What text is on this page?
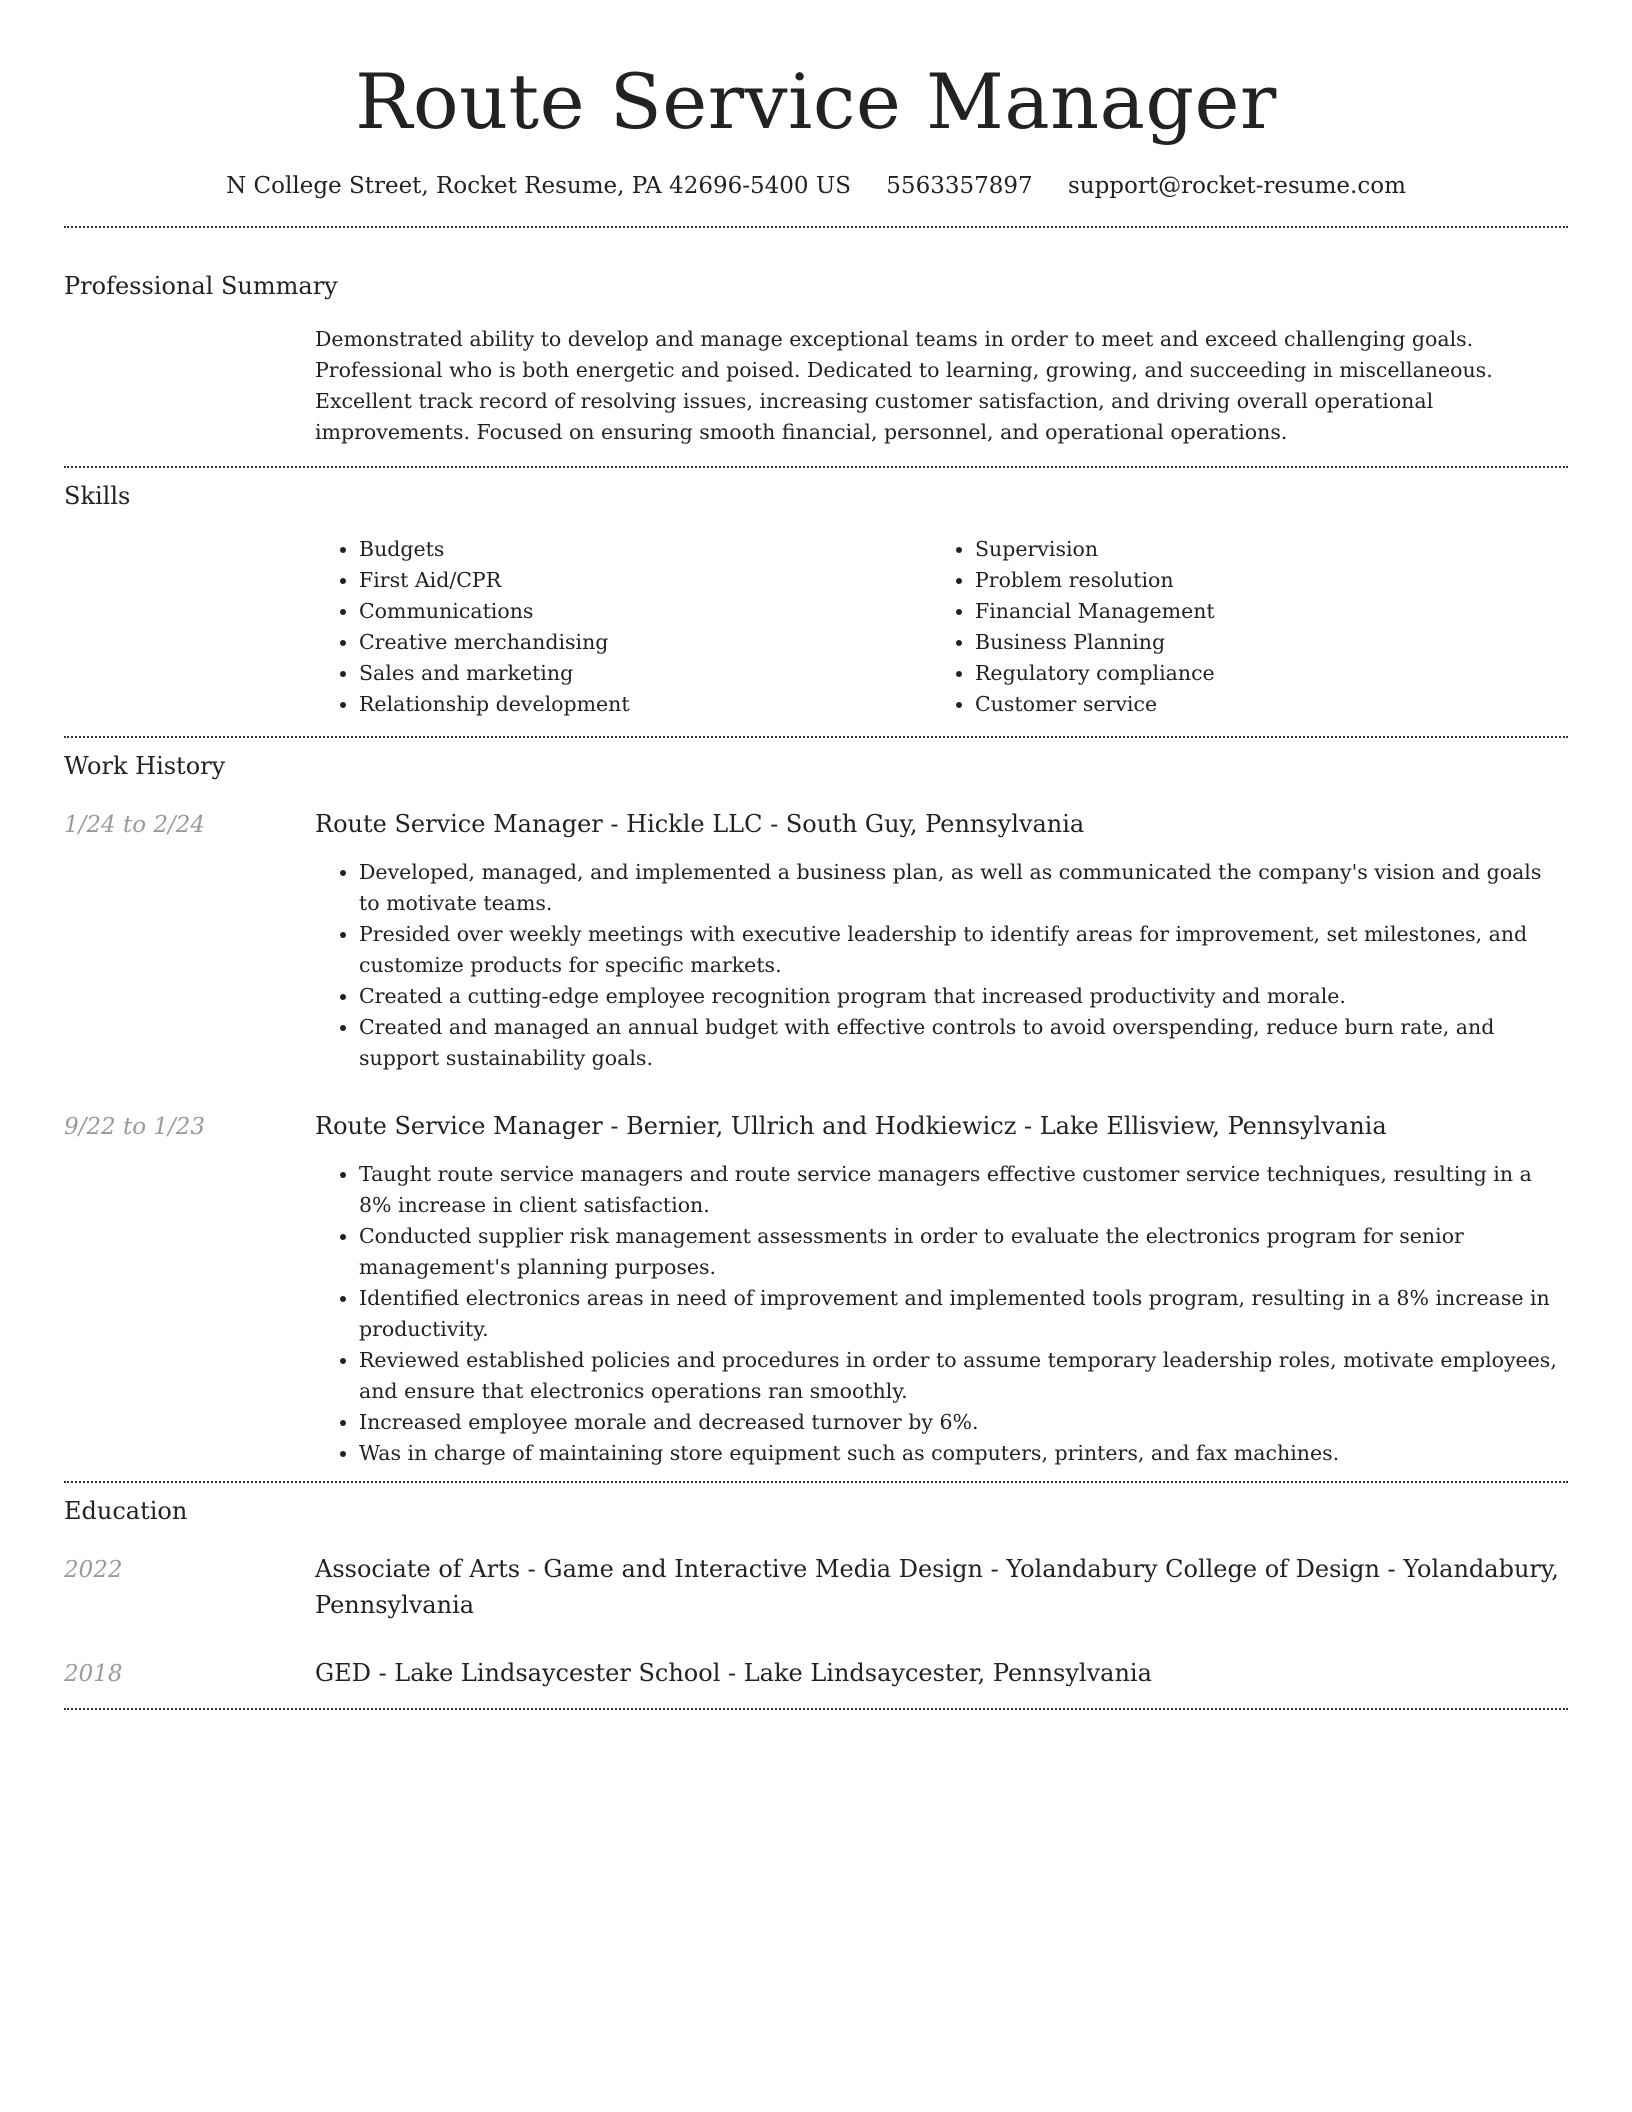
Route Service Manager
N College Street, Rocket Resume, PA 42696-5400 US 5563357897 support@rocket-resume.com
Professional Summary
Demonstrated ability to develop and manage exceptional teams in order to meet and exceed challenging goals. Professional who is both energetic and poised. Dedicated to learning, growing, and succeeding in miscellaneous. Excellent track record of resolving issues, increasing customer satisfaction, and driving overall operational improvements. Focused on ensuring smooth financial, personnel, and operational operations.
Skills
• Budgets
• First Aid/CPR
• Communications
• Creative merchandising
• Sales and marketing
• Relationship development
• Supervision
• Problem resolution
• Financial Management
• Business Planning
• Regulatory compliance
• Customer service
Work History
1/24 to 2/24	Route Service Manager - Hickle LLC - South Guy, Pennsylvania
• Developed, managed, and implemented a business plan, as well as communicated the company's vision and goals to motivate teams.
• Presided over weekly meetings with executive leadership to identify areas for improvement, set milestones, and customize products for specific markets.
• Created a cutting-edge employee recognition program that increased productivity and morale.
• Created and managed an annual budget with effective controls to avoid overspending, reduce burn rate, and support sustainability goals.
9/22 to 1/23	Route Service Manager - Bernier, Ullrich and Hodkiewicz - Lake Ellisview, Pennsylvania
• Taught route service managers and route service managers effective customer service techniques, resulting in a 8% increase in client satisfaction.
• Conducted supplier risk management assessments in order to evaluate the electronics program for senior management's planning purposes.
• Identified electronics areas in need of improvement and implemented tools program, resulting in a 8% increase in productivity.
• Reviewed established policies and procedures in order to assume temporary leadership roles, motivate employees, and ensure that electronics operations ran smoothly.
• Increased employee morale and decreased turnover by 6%.
• Was in charge of maintaining store equipment such as computers, printers, and fax machines.
Education
2022	Associate of Arts - Game and Interactive Media Design - Yolandabury College of Design - Yolandabury, Pennsylvania
2018	GED - Lake Lindsaycester School - Lake Lindsaycester, Pennsylvania
